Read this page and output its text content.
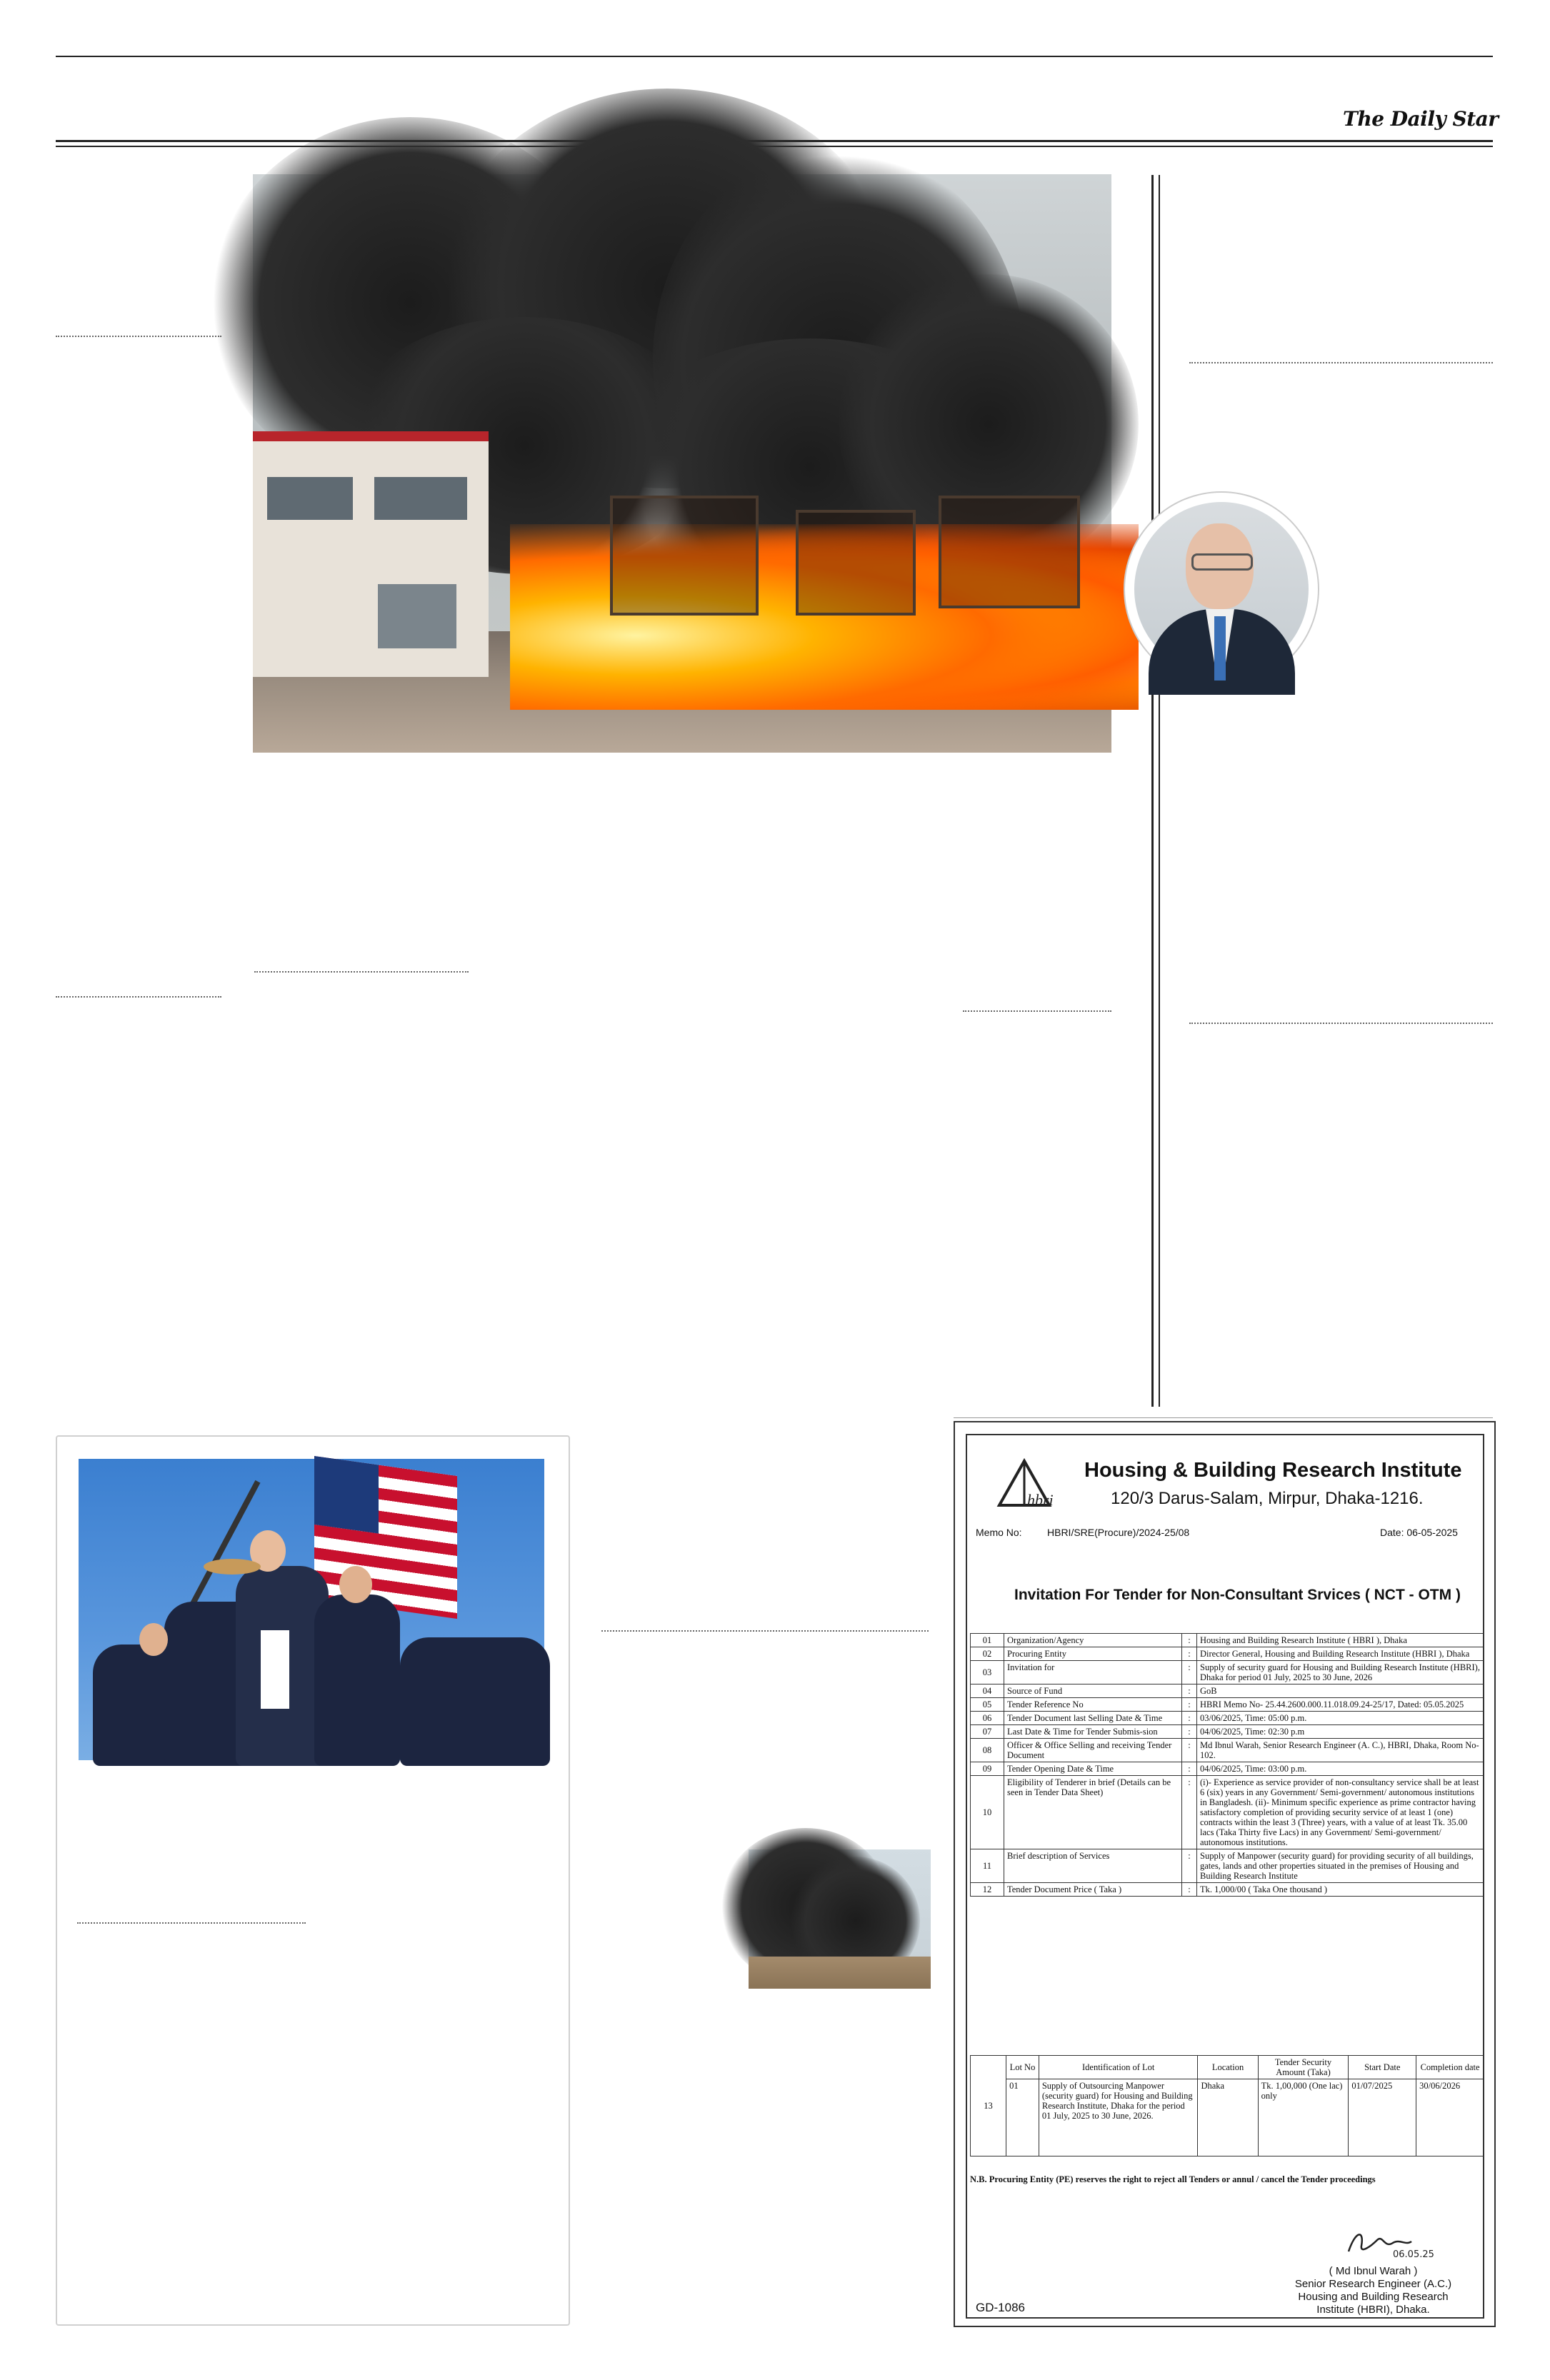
The Daily Star
hbri
Housing & Building Research Institute
120/3 Darus-Salam, Mirpur, Dhaka-1216.
Memo No:	HBRI/SRE(Procure)/2024-25/08	Date: 06-05-2025
Invitation For Tender for Non-Consultant Srvices ( NCT - OTM )
01	Organization/Agency	:	Housing and Building Research Institute ( HBRI ), Dhaka
02	Procuring Entity	:	Director General, Housing and Building Research Institute (HBRI ), Dhaka
03	Invitation for	:	Supply of security guard for Housing and Building Research Institute (HBRI), Dhaka for period 01 July, 2025 to 30 June, 2026
04	Source of Fund	:	GoB
05	Tender Reference No	:	HBRI Memo No- 25.44.2600.000.11.018.09.24-25/17, Dated: 05.05.2025
06	Tender Document last Selling Date & Time	:	03/06/2025, Time: 05:00 p.m.
07	Last Date & Time for Tender Submis-sion	:	04/06/2025, Time: 02:30 p.m
08	Officer & Office Selling and receiving Tender Document	:	Md Ibnul Warah, Senior Research Engineer (A. C.), HBRI, Dhaka, Room No- 102.
09	Tender Opening Date & Time	:	04/06/2025, Time: 03:00 p.m.
10	Eligibility of Tenderer in brief (Details can be seen in Tender Data Sheet)	:	(i)- Experience as service provider of non-consultancy service shall be at least 6 (six) years in any Government/ Semi-government/ autonomous institutions in Bangladesh. (ii)- Minimum specific experience as prime contractor having satisfactory completion of providing security service of at least 1 (one) contracts within the least 3 (Three) years, with a value of at least Tk. 35.00 lacs (Taka Thirty five Lacs) in any Government/ Semi-government/ autonomous institutions.
11	Brief description of Services	:	Supply of Manpower (security guard) for providing security of all buildings, gates, lands and other properties situated in the premises of Housing and Building Research Institute
12	Tender Document Price ( Taka )	:	Tk. 1,000/00 ( Taka One thousand )
13	Lot No	Identification of Lot	Location	Tender Security Amount (Taka)	Start Date	Completion date
	01	Supply of Outsourcing Manpower (security guard) for Housing and Building Research Institute, Dhaka for the period 01 July, 2025 to 30 June, 2026.	Dhaka	Tk. 1,00,000 (One lac) only	01/07/2025	30/06/2026
N.B. Procuring Entity (PE) reserves the right to reject all Tenders or annul / cancel the Tender proceedings
06.05.25
( Md Ibnul Warah )
Senior Research Engineer (A.C.)
Housing and Building Research
Institute (HBRI), Dhaka.
GD-1086
